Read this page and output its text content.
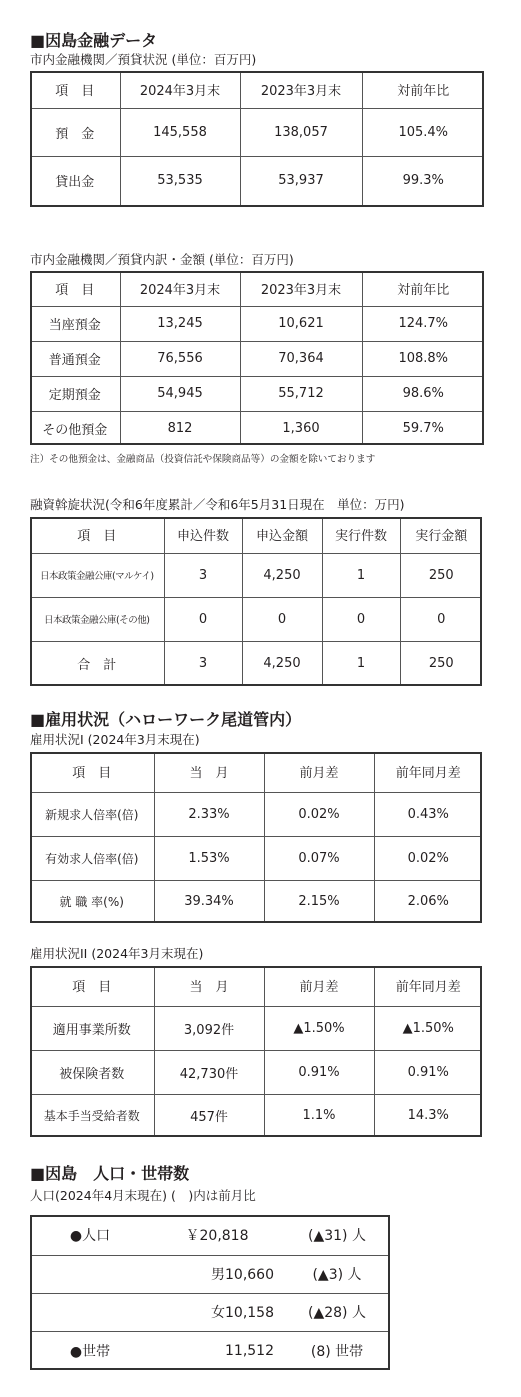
■因島金融データ
市内金融機関／預貸状況 (単位：百万円)
項　目	2024年3月末	2023年3月末	対前年比
預　金	145,558	138,057	105.4%
貸出金	53,535	53,937	99.3%
市内金融機関／預貸内訳・金額 (単位：百万円)
項　目	2024年3月末	2023年3月末	対前年比
当座預金	13,245	10,621	124.7%
普通預金	76,556	70,364	108.8%
定期預金	54,945	55,712	98.6%
その他預金	812	1,360	59.7%
注）その他預金は、金融商品（投資信託や保険商品等）の金額を除いております
融資斡旋状況(令和6年度累計／令和6年5月31日現在　単位：万円)
項　目	申込件数	申込金額	実行件数	実行金額
日本政策金融公庫(マルケイ)	3	4,250	1	250
日本政策金融公庫(その他)	0	0	0	0
合　計	3	4,250	1	250
■雇用状況（ハローワーク尾道管内）
雇用状況I (2024年3月末現在)
項　目	当　月	前月差	前年同月差
新規求人倍率(倍)	2.33%	0.02%	0.43%
有効求人倍率(倍)	1.53%	0.07%	0.02%
就 職 率(%)	39.34%	2.15%	2.06%
雇用状況II (2024年3月末現在)
項　目	当　月	前月差	前年同月差
適用事業所数	3,092件	▲1.50%	▲1.50%
被保険者数	42,730件	0.91%	0.91%
基本手当受給者数	457件	1.1%	14.3%
■因島　人口・世帯数
人口(2024年4月末現在) (　)内は前月比
●人口	￥20,818	(▲31) 人
	男10,660	(▲3) 人
	女10,158	(▲28) 人
●世帯	11,512	(8) 世帯
